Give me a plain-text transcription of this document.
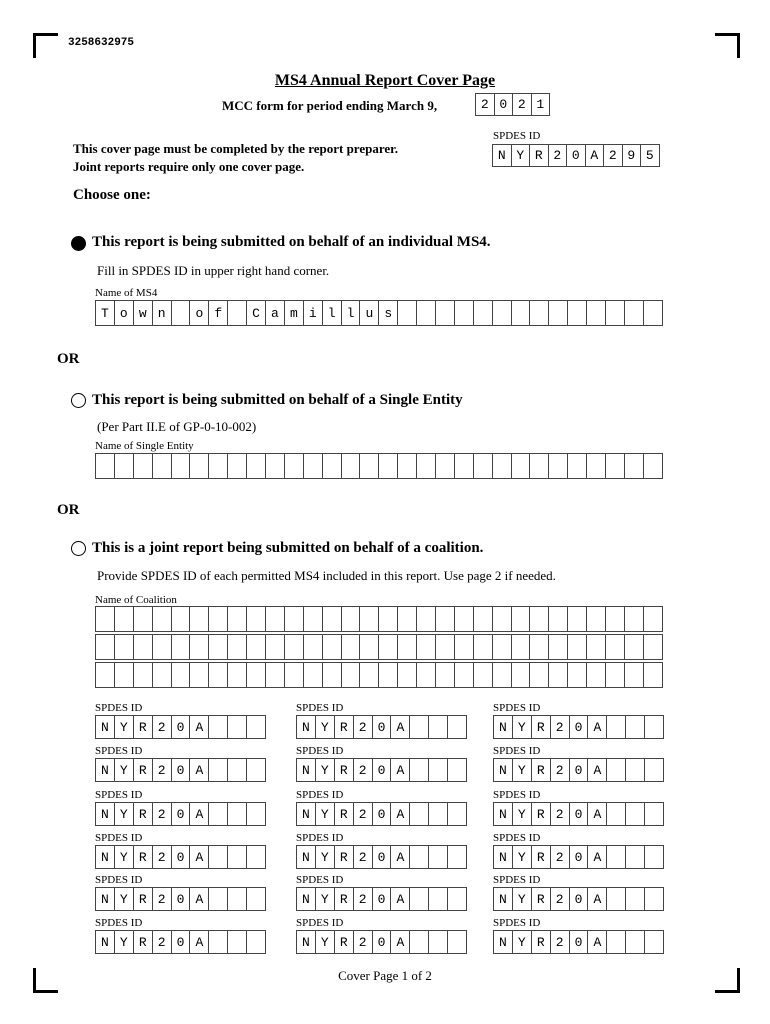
3258632975
MS4 Annual Report Cover Page
MCC form for period ending March 9,	2 0 2 1
This cover page must be completed by the report preparer.
Joint reports require only one cover page.
SPDES ID
N Y R 2 0 A 2 9 5
Choose one:
This report is being submitted on behalf of an individual MS4.
Fill in SPDES ID in upper right hand corner.
Name of MS4
T o w n	o f	C a m i l l u s
OR
This report is being submitted on behalf of a Single Entity
(Per Part II.E of GP-0-10-002)
Name of Single Entity
OR
This is a joint report being submitted on behalf of a coalition.
Provide SPDES ID of each permitted MS4 included in this report. Use page 2 if needed.
Name of Coalition
SPDES ID
N Y R 2 0 A
SPDES ID
N Y R 2 0 A
SPDES ID
N Y R 2 0 A
SPDES ID
N Y R 2 0 A
SPDES ID
N Y R 2 0 A
SPDES ID
N Y R 2 0 A
SPDES ID
N Y R 2 0 A
SPDES ID
N Y R 2 0 A
SPDES ID
N Y R 2 0 A
SPDES ID
N Y R 2 0 A
SPDES ID
N Y R 2 0 A
SPDES ID
N Y R 2 0 A
SPDES ID
N Y R 2 0 A
SPDES ID
N Y R 2 0 A
SPDES ID
N Y R 2 0 A
SPDES ID
N Y R 2 0 A
SPDES ID
N Y R 2 0 A
SPDES ID
N Y R 2 0 A
Cover Page 1 of 2
